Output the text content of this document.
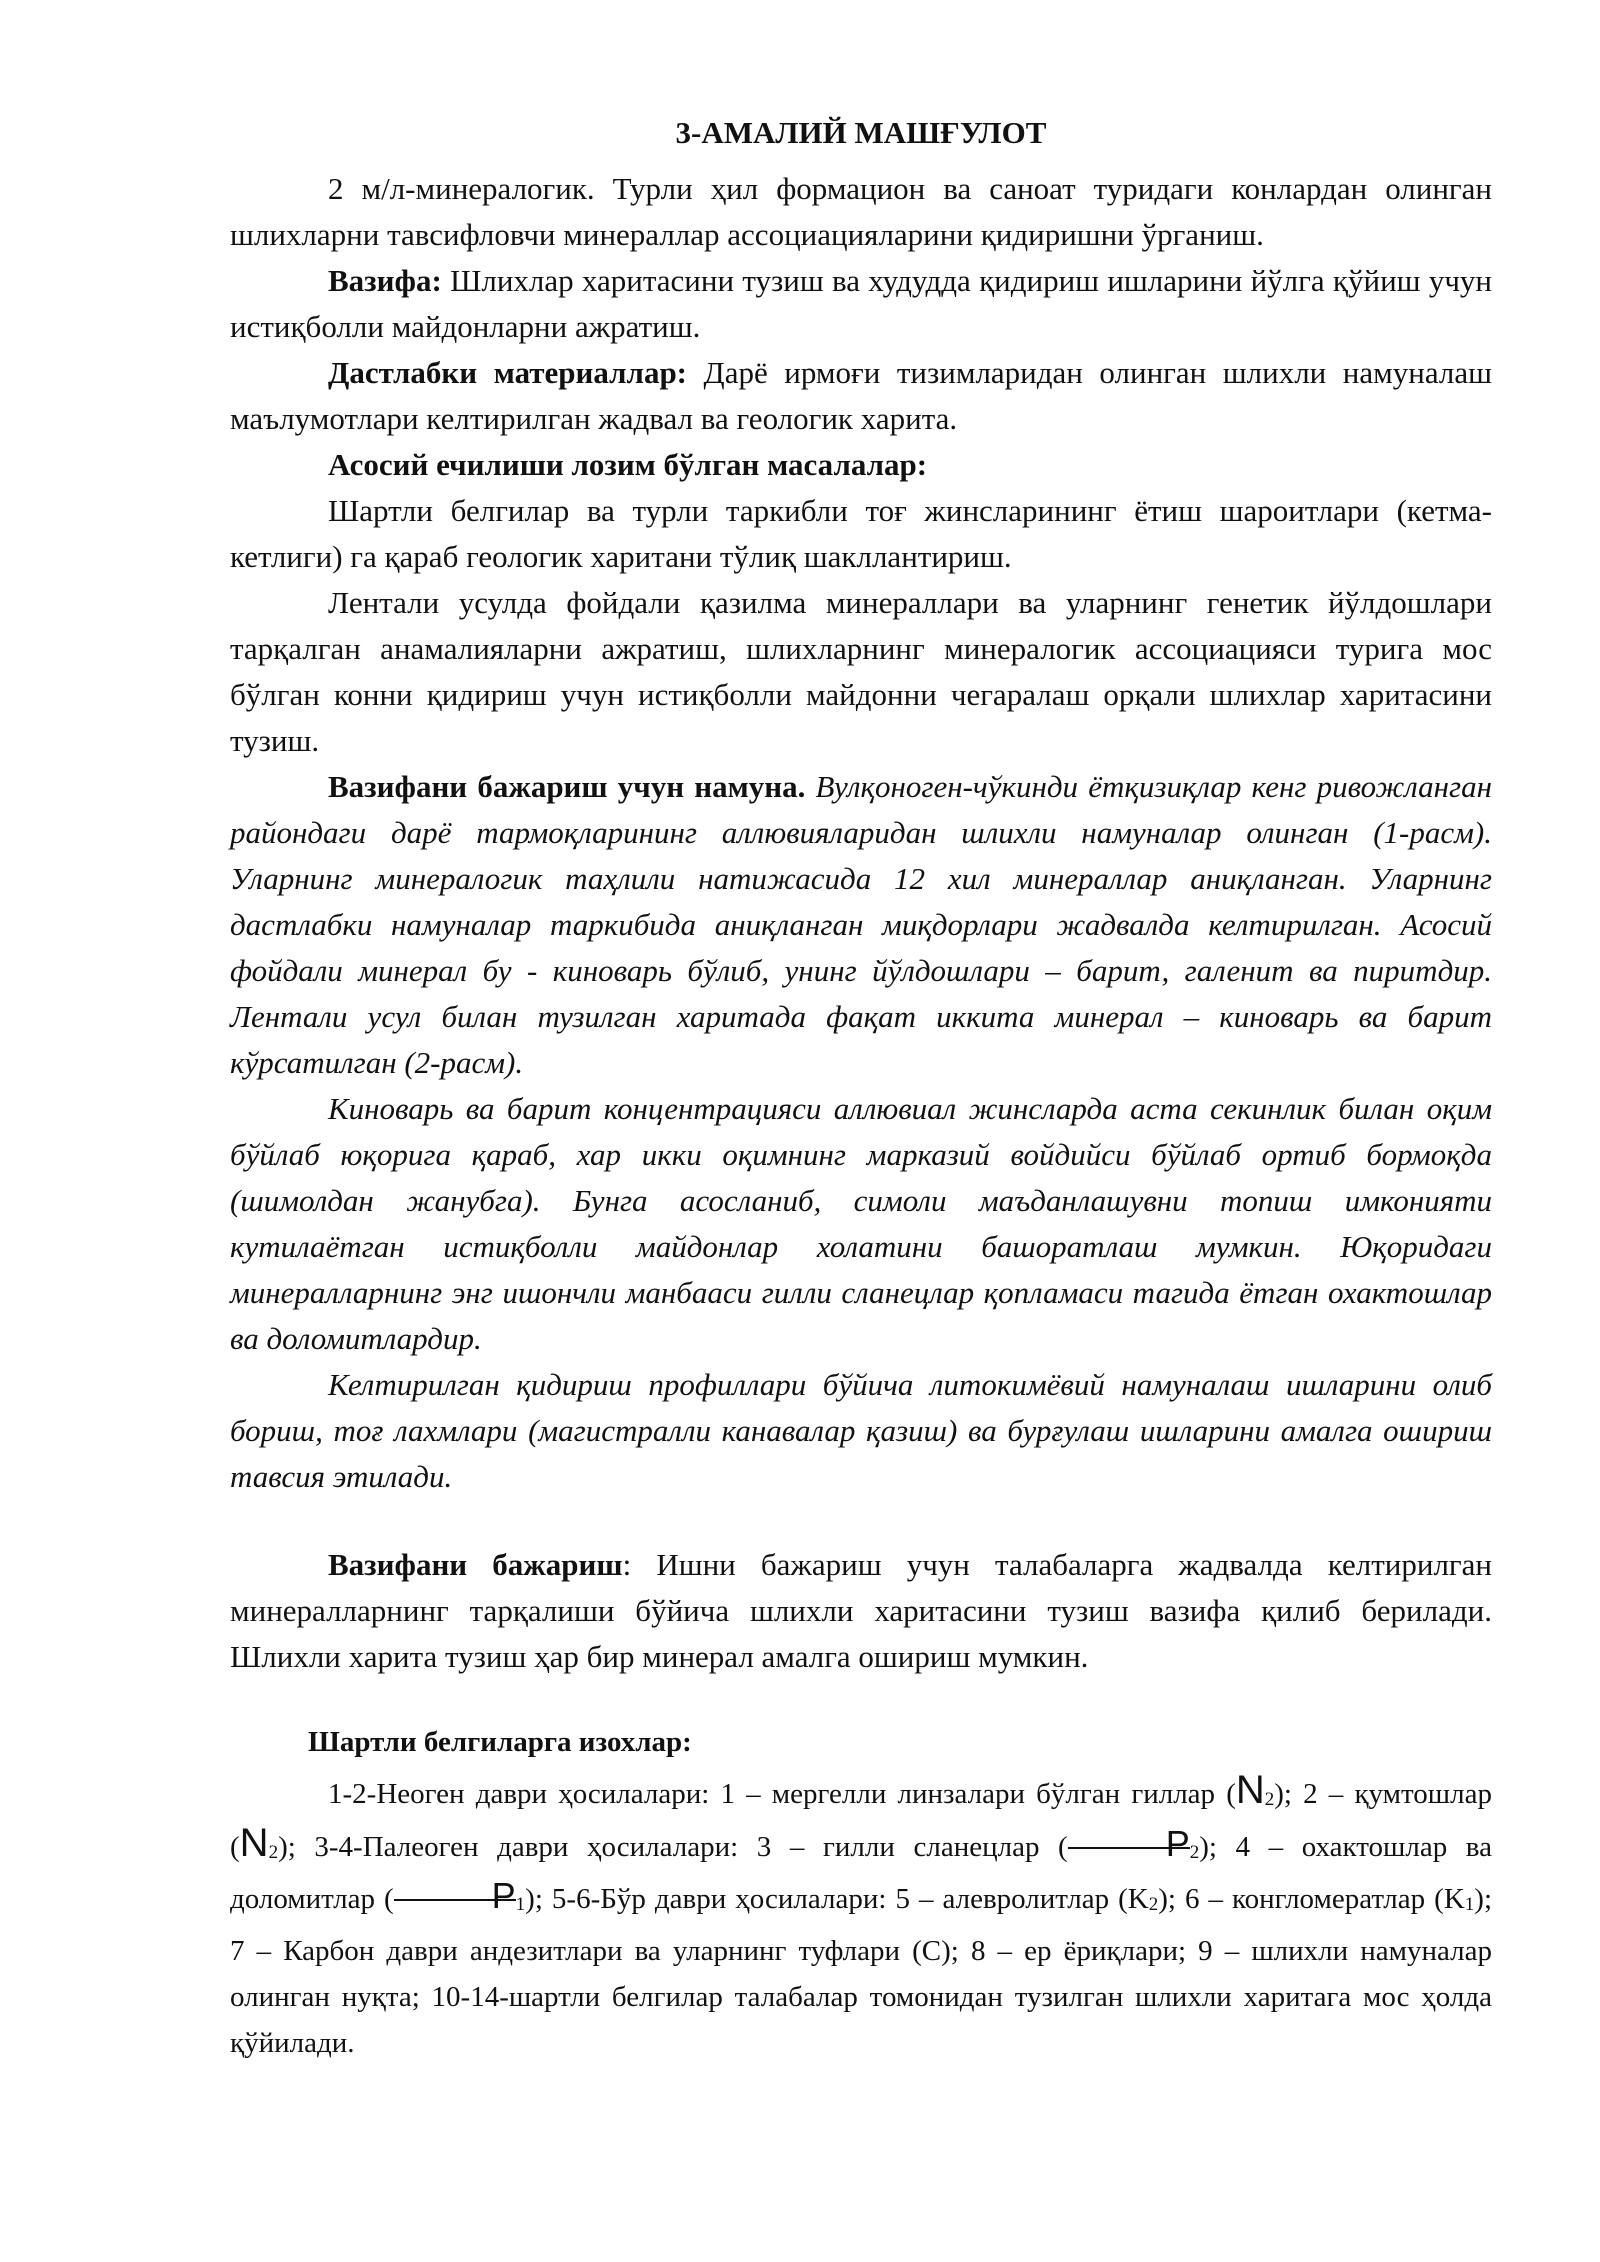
3-АМАЛИЙ МАШҒУЛОТ

2 м/л-минералогик. Турли ҳил формацион ва саноат туридаги конлардан олинган шлихларни тавсифловчи минераллар ассоциацияларини қидиришни ўрганиш.

Вазифа: Шлихлар харитасини тузиш ва худудда қидириш ишларини йўлга қўйиш учун истиқболли майдонларни ажратиш.

Дастлабки материаллар: Дарё ирмоғи тизимларидан олинган шлихли намуналаш маълумотлари келтирилган жадвал ва геологик харита.

Асосий ечилиши лозим бўлган масалалар:

Шартли белгилар ва турли таркибли тоғ жинсларининг ётиш шароитлари (кетма-кетлиги) га қараб геологик харитани тўлиқ шакллантириш.

Лентали усулда фойдали қазилма минераллари ва уларнинг генетик йўлдошлари тарқалган анамалияларни ажратиш, шлихларнинг минералогик ассоциацияси турига мос бўлган конни қидириш учун истиқболли майдонни чегаралаш орқали шлихлар харитасини тузиш.

Вазифани бажариш учун намуна. Вулқоноген-чўкинди ётқизиқлар кенг ривожланган райондаги дарё тармоқларининг аллювияларидан шлихли намуналар олинган (1-расм). Уларнинг минералогик таҳлили натижасида 12 хил минераллар аниқланган. Уларнинг дастлабки намуналар таркибида аниқланган миқдорлари жадвалда келтирилган. Асосий фойдали минерал бу - киноварь бўлиб, унинг йўлдошлари – барит, галенит ва пиритдир. Лентали усул билан тузилган харитада фақат иккита минерал – киноварь ва барит кўрсатилган (2-расм).

Киноварь ва барит концентрацияси аллювиал жинсларда аста секинлик билан оқим бўйлаб юқорига қараб, хар икки оқимнинг марказий войдийси бўйлаб ортиб бормоқда (шимолдан жанубга). Бунга асосланиб, симоли маъданлашувни топиш имконияти кутилаётган истиқболли майдонлар холатини башоратлаш мумкин. Юқоридаги минералларнинг энг ишончли манбааси гилли сланецлар қопламаси тагида ётган охактошлар ва доломитлардир.

Келтирилган қидириш профиллари бўйича литокимёвий намуналаш ишларини олиб бориш, тоғ лахмлари (магистралли канавалар қазиш) ва бурғулаш ишларини амалга ошириш тавсия этилади.

Вазифани бажариш: Ишни бажариш учун талабаларга жадвалда келтирилган минералларнинг тарқалиши бўйича шлихли харитасини тузиш вазифа қилиб берилади. Шлихли харита тузиш ҳар бир минерал амалга ошириш мумкин.

Шартли белгиларга изохлар:
1-2-Неоген даври ҳосилалари: 1 – мергелли линзалари бўлган гиллар $(N_2)$; 2 – қумтошлар $(N_2)$; 3-4-Палеоген даври ҳосилалари: 3 – гилли сланецлар (	$Р_2$); 4 – охактошлар ва доломитлар (	$Р_1$); 5-6-Бўр даври ҳосилалари: 5 – алевролитлар $(K_2)$; 6 – конгломератлар $(K_1)$; 7 – Карбон даври андезитлари ва уларнинг туфлари (C); 8 – ер ёриқлари; 9 – шлихли намуналар олинган нуқта; 10-14-шартли белгилар талабалар томонидан тузилган шлихли харитага мос ҳолда қўйилади.
